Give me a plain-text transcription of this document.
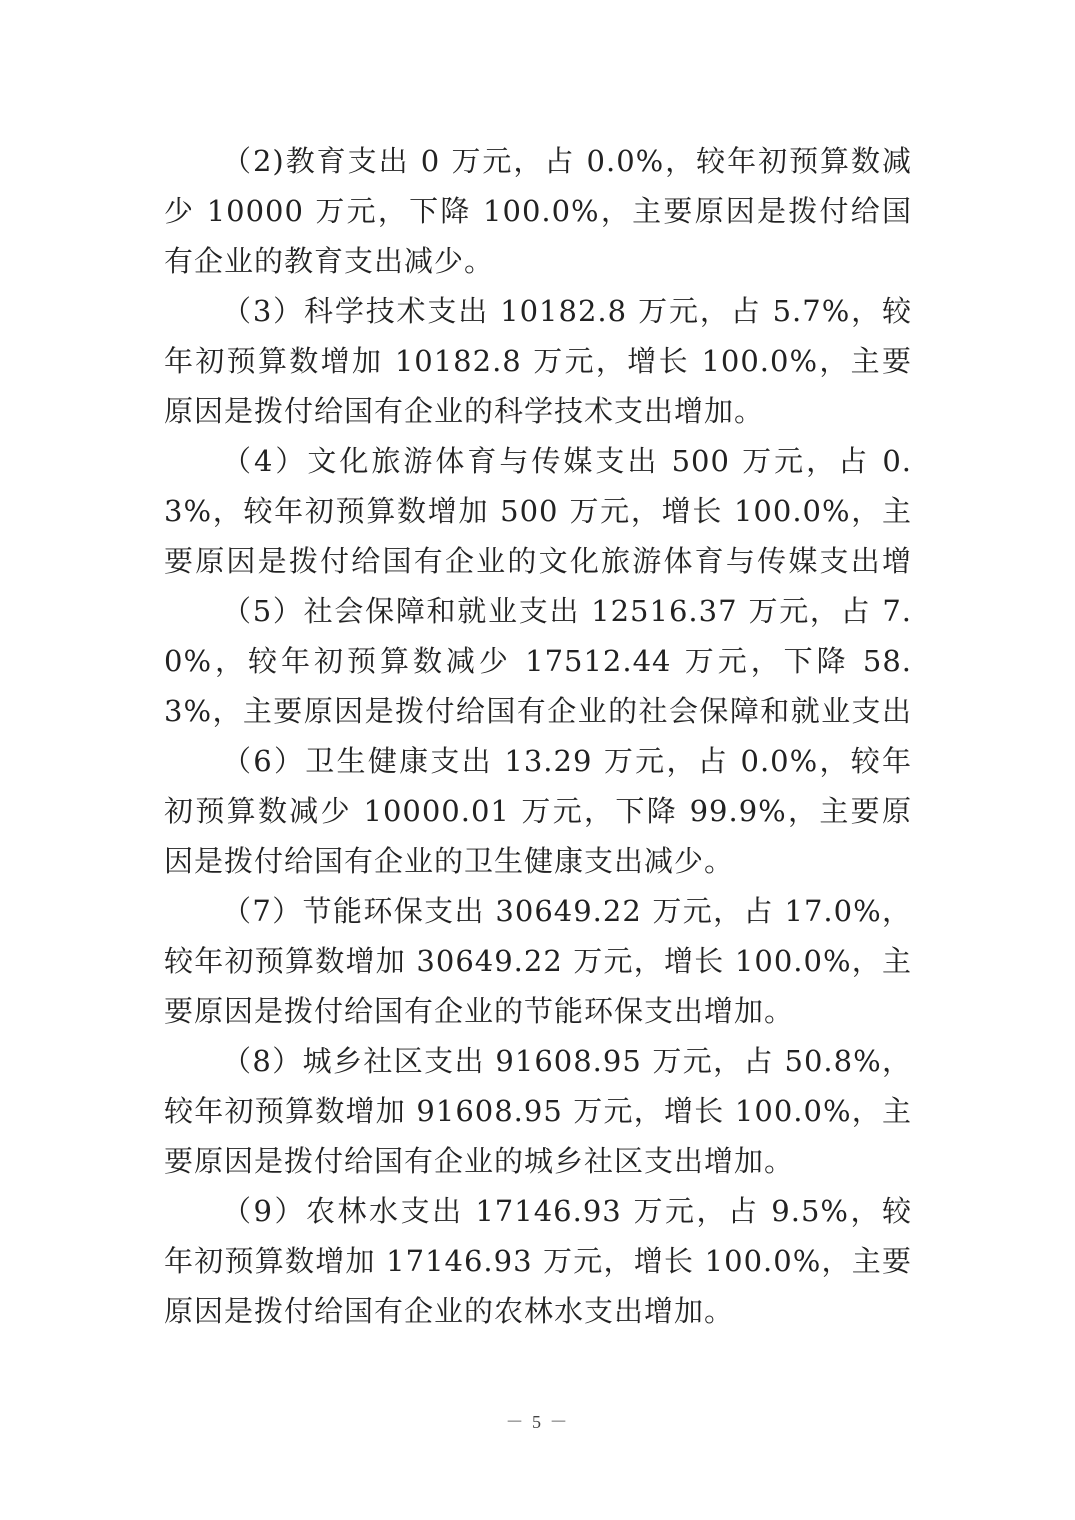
（2)教育支出 0 万元，占 0.0%，较年初预算数减少 10000 万元，下降 100.0%，主要原因是拨付给国有企业的教育支出减少。

（3）科学技术支出 10182.8 万元，占 5.7%，较年初预算数增加 10182.8 万元，增长 100.0%，主要原因是拨付给国有企业的科学技术支出增加。

（4）文化旅游体育与传媒支出 500 万元，占 0.3%，较年初预算数增加 500 万元，增长 100.0%，主要原因是拨付给国有企业的文化旅游体育与传媒支出增

（5）社会保障和就业支出 12516.37 万元，占 7.0%，较年初预算数减少 17512.44 万元，下降 58.3%，主要原因是拨付给国有企业的社会保障和就业支出

（6）卫生健康支出 13.29 万元，占 0.0%，较年初预算数减少 10000.01 万元，下降 99.9%，主要原因是拨付给国有企业的卫生健康支出减少。

（7）节能环保支出 30649.22 万元，占 17.0%，较年初预算数增加 30649.22 万元，增长 100.0%，主要原因是拨付给国有企业的节能环保支出增加。

（8）城乡社区支出 91608.95 万元，占 50.8%，较年初预算数增加 91608.95 万元，增长 100.0%，主要原因是拨付给国有企业的城乡社区支出增加。

（9）农林水支出 17146.93 万元，占 9.5%，较年初预算数增加 17146.93 万元，增长 100.0%，主要原因是拨付给国有企业的农林水支出增加。

－ 5 －
